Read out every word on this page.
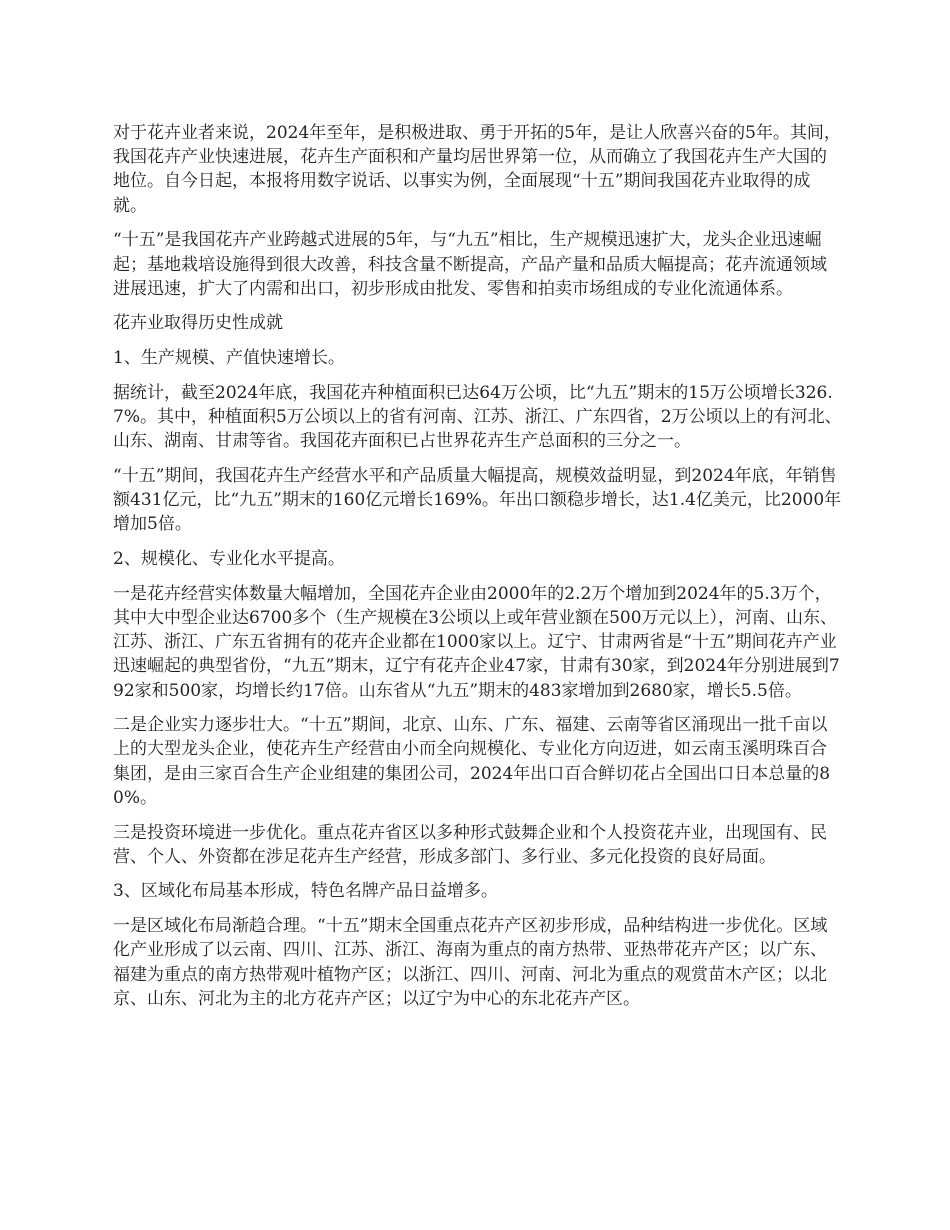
对于花卉业者来说，2024年至年，是积极进取、勇于开拓的5年，是让人欣喜兴奋的5年。其间，我国花卉产业快速进展，花卉生产面积和产量均居世界第一位，从而确立了我国花卉生产大国的地位。自今日起，本报将用数字说话、以事实为例，全面展现“十五”期间我国花卉业取得的成就。

“十五”是我国花卉产业跨越式进展的5年，与“九五”相比，生产规模迅速扩大，龙头企业迅速崛起；基地栽培设施得到很大改善，科技含量不断提高，产品产量和品质大幅提高；花卉流通领域进展迅速，扩大了内需和出口，初步形成由批发、零售和拍卖市场组成的专业化流通体系。

花卉业取得历史性成就

1、生产规模、产值快速增长。

据统计，截至2024年底，我国花卉种植面积已达64万公顷，比“九五”期末的15万公顷增长326.7%。其中，种植面积5万公顷以上的省有河南、江苏、浙江、广东四省，2万公顷以上的有河北、山东、湖南、甘肃等省。我国花卉面积已占世界花卉生产总面积的三分之一。

“十五”期间，我国花卉生产经营水平和产品质量大幅提高，规模效益明显，到2024年底，年销售额431亿元，比“九五”期末的160亿元增长169%。年出口额稳步增长，达1.4亿美元，比2000年增加5倍。

2、规模化、专业化水平提高。

一是花卉经营实体数量大幅增加，全国花卉企业由2000年的2.2万个增加到2024年的5.3万个，其中大中型企业达6700多个（生产规模在3公顷以上或年营业额在500万元以上），河南、山东、江苏、浙江、广东五省拥有的花卉企业都在1000家以上。辽宁、甘肃两省是“十五”期间花卉产业迅速崛起的典型省份，“九五”期末，辽宁有花卉企业47家，甘肃有30家，到2024年分别进展到792家和500家，均增长约17倍。山东省从“九五”期末的483家增加到2680家，增长5.5倍。

二是企业实力逐步壮大。“十五”期间，北京、山东、广东、福建、云南等省区涌现出一批千亩以上的大型龙头企业，使花卉生产经营由小而全向规模化、专业化方向迈进，如云南玉溪明珠百合集团，是由三家百合生产企业组建的集团公司，2024年出口百合鲜切花占全国出口日本总量的80%。

三是投资环境进一步优化。重点花卉省区以多种形式鼓舞企业和个人投资花卉业，出现国有、民营、个人、外资都在涉足花卉生产经营，形成多部门、多行业、多元化投资的良好局面。

3、区域化布局基本形成，特色名牌产品日益增多。

一是区域化布局渐趋合理。“十五”期末全国重点花卉产区初步形成，品种结构进一步优化。区域化产业形成了以云南、四川、江苏、浙江、海南为重点的南方热带、亚热带花卉产区；以广东、福建为重点的南方热带观叶植物产区；以浙江、四川、河南、河北为重点的观赏苗木产区；以北京、山东、河北为主的北方花卉产区；以辽宁为中心的东北花卉产区。
